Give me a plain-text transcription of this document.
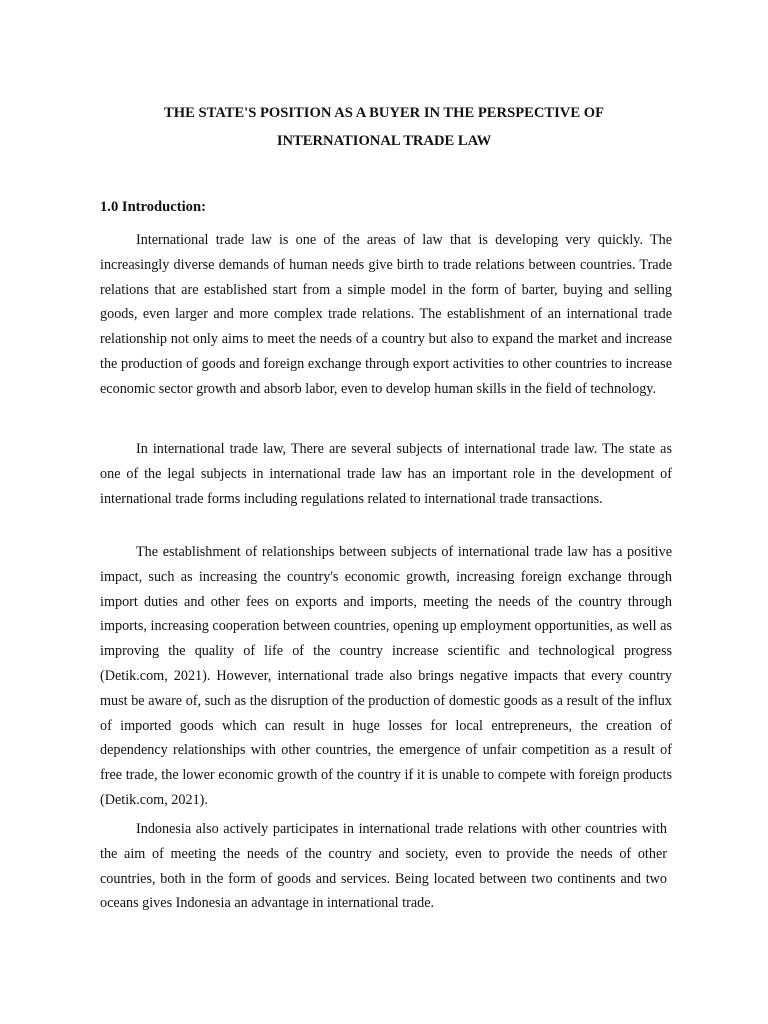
THE STATE'S POSITION AS A BUYER IN THE PERSPECTIVE OF
INTERNATIONAL TRADE LAW
1.0 Introduction:

International trade law is one of the areas of law that is developing very quickly. The increasingly diverse demands of human needs give birth to trade relations between countries. Trade relations that are established start from a simple model in the form of barter, buying and selling goods, even larger and more complex trade relations. The establishment of an international trade relationship not only aims to meet the needs of a country but also to expand the market and increase the production of goods and foreign exchange through export activities to other countries to increase economic sector growth and absorb labor, even to develop human skills in the field of technology.

In international trade law, There are several subjects of international trade law. The state as one of the legal subjects in international trade law has an important role in the development of international trade forms including regulations related to international trade transactions.

The establishment of relationships between subjects of international trade law has a positive impact, such as increasing the country's economic growth, increasing foreign exchange through import duties and other fees on exports and imports, meeting the needs of the country through imports, increasing cooperation between countries, opening up employment opportunities, as well as improving the quality of life of the country increase scientific and technological progress (Detik.com, 2021). However, international trade also brings negative impacts that every country must be aware of, such as the disruption of the production of domestic goods as a result of the influx of imported goods which can result in huge losses for local entrepreneurs, the creation of dependency relationships with other countries, the emergence of unfair competition as a result of free trade, the lower economic growth of the country if it is unable to compete with foreign products (Detik.com, 2021).

Indonesia also actively participates in international trade relations with other countries with the aim of meeting the needs of the country and society, even to provide the needs of other countries, both in the form of goods and services. Being located between two continents and two oceans gives Indonesia an advantage in international trade.
